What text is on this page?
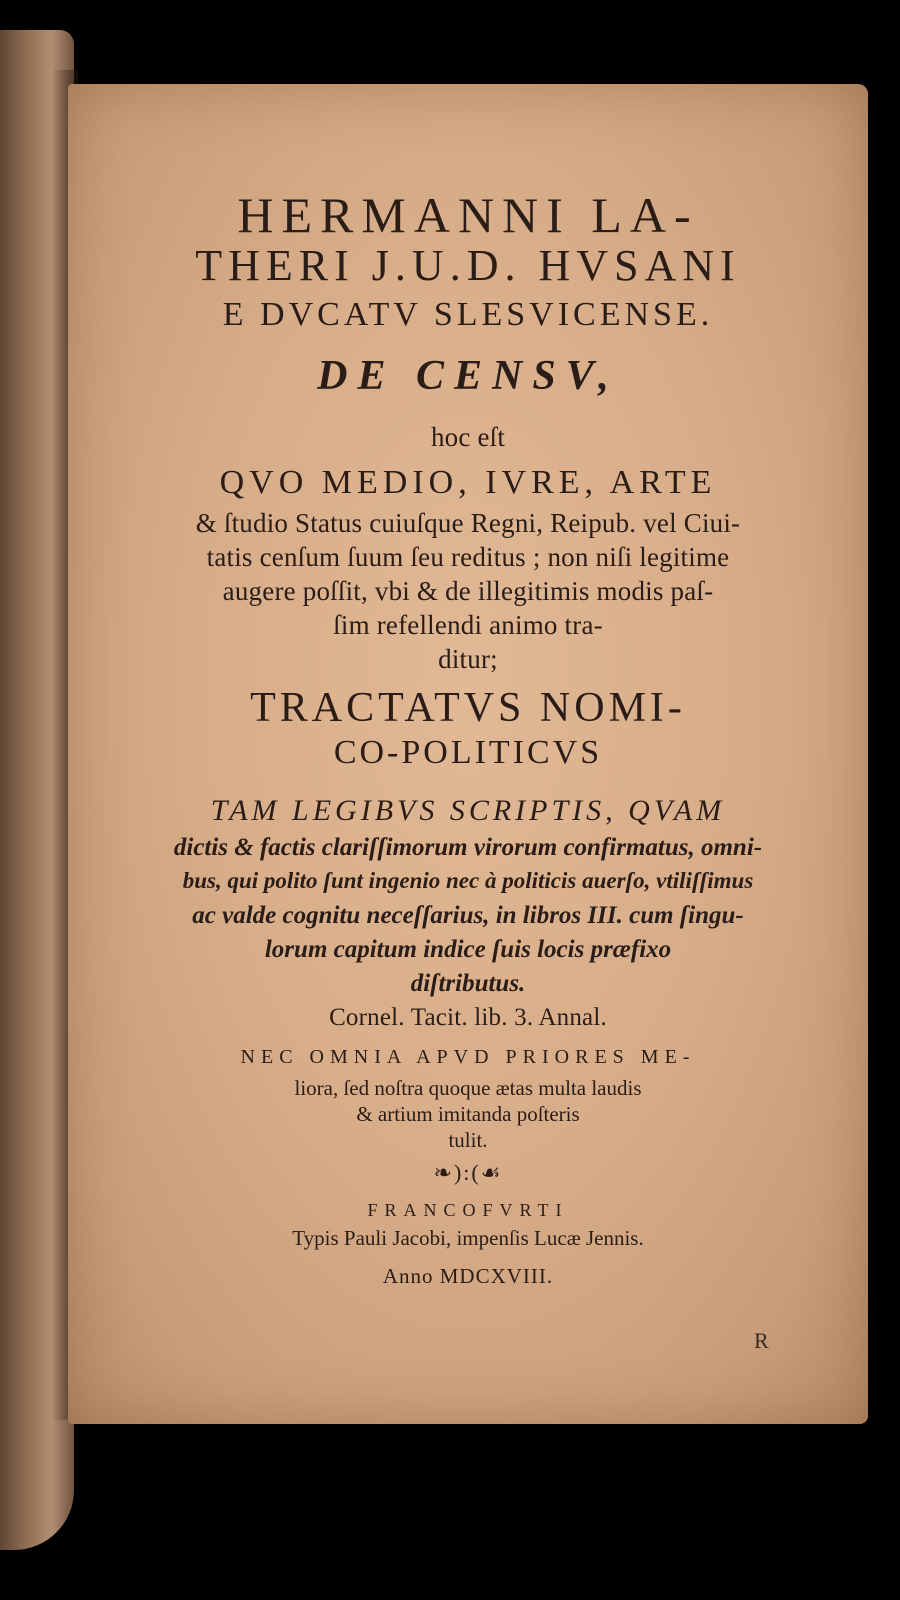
HERMANNI LA-
THERI J.U.D. HVSANI
E DVCATV SLESVICENSE.
DE CENSV,
hoc eſt
QVO MEDIO, IVRE, ARTE
& ſtudio Status cuiuſque Regni, Reipub. vel Ciui-
tatis cenſum ſuum ſeu reditus ; non niſi legitime
augere poſſit, vbi & de illegitimis modis paſ-
ſim refellendi animo tra-
ditur;
TRACTATVS NOMI-
CO-POLITICVS
TAM LEGIBVS SCRIPTIS, QVAM
dictis & factis clariſſimorum virorum confirmatus, omni-
bus, qui polito ſunt ingenio nec à politicis auerſo, vtiliſſimus
ac valde cognitu neceſſarius, in libros III. cum ſingu-
lorum capitum indice ſuis locis præfixo
diſtributus.
Cornel. Tacit. lib. 3. Annal.
NEC OMNIA APVD PRIORES ME-
liora, ſed noſtra quoque ætas multa laudis
& artium imitanda poſteris
tulit.
❧):(☙
FRANCOFVRTI
Typis Pauli Jacobi, impenſis Lucæ Jennis.
Anno MDCXVIII.
R
